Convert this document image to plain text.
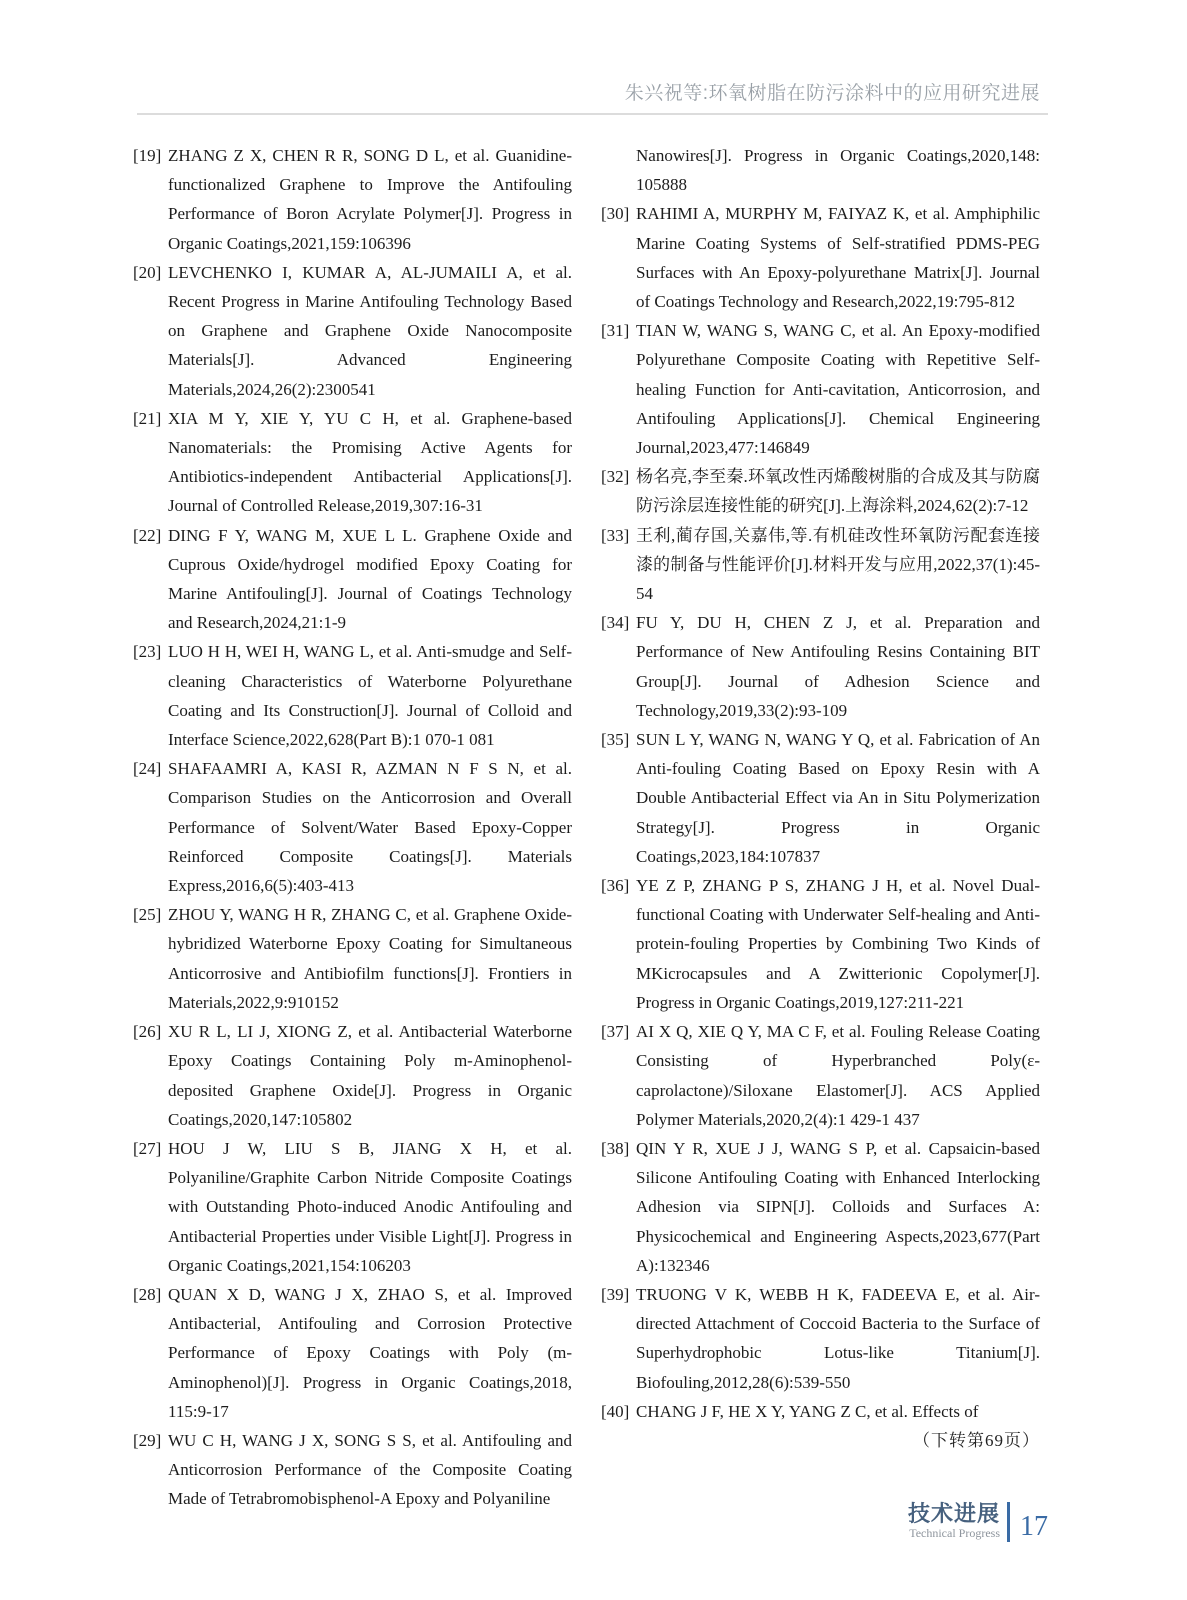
朱兴祝等:环氧树脂在防污涂料中的应用研究进展
[19] ZHANG Z X, CHEN R R, SONG D L, et al. Guanidine-functionalized Graphene to Improve the Antifouling Performance of Boron Acrylate Polymer[J]. Progress in Organic Coatings,2021,159:106396
[20] LEVCHENKO I, KUMAR A, AL-JUMAILI A, et al. Recent Progress in Marine Antifouling Technology Based on Graphene and Graphene Oxide Nanocomposite Materials[J]. Advanced Engineering Materials,2024,26(2):2300541
[21] XIA M Y, XIE Y, YU C H, et al. Graphene-based Nanomaterials: the Promising Active Agents for Antibiotics-independent Antibacterial Applications[J]. Journal of Controlled Release,2019,307:16-31
[22] DING F Y, WANG M, XUE L L. Graphene Oxide and Cuprous Oxide/hydrogel modified Epoxy Coating for Marine Antifouling[J]. Journal of Coatings Technology and Research,2024,21:1-9
[23] LUO H H, WEI H, WANG L, et al. Anti-smudge and Self-cleaning Characteristics of Waterborne Polyurethane Coating and Its Construction[J]. Journal of Colloid and Interface Science,2022,628(Part B):1 070-1 081
[24] SHAFAAMRI A, KASI R, AZMAN N F S N, et al. Comparison Studies on the Anticorrosion and Overall Performance of Solvent/Water Based Epoxy-Copper Reinforced Composite Coatings[J]. Materials Express,2016,6(5):403-413
[25] ZHOU Y, WANG H R, ZHANG C, et al. Graphene Oxide-hybridized Waterborne Epoxy Coating for Simultaneous Anticorrosive and Antibiofilm functions[J]. Frontiers in Materials,2022,9:910152
[26] XU R L, LI J, XIONG Z, et al. Antibacterial Waterborne Epoxy Coatings Containing Poly m-Aminophenol-deposited Graphene Oxide[J]. Progress in Organic Coatings,2020,147:105802
[27] HOU J W, LIU S B, JIANG X H, et al. Polyaniline/Graphite Carbon Nitride Composite Coatings with Outstanding Photo-induced Anodic Antifouling and Antibacterial Properties under Visible Light[J]. Progress in Organic Coatings,2021,154:106203
[28] QUAN X D, WANG J X, ZHAO S, et al. Improved Antibacterial, Antifouling and Corrosion Protective Performance of Epoxy Coatings with Poly (m-Aminophenol)[J]. Progress in Organic Coatings,2018, 115:9-17
[29] WU C H, WANG J X, SONG S S, et al. Antifouling and Anticorrosion Performance of the Composite Coating Made of Tetrabromobisphenol-A Epoxy and Polyaniline
Nanowires[J]. Progress in Organic Coatings,2020,148: 105888
[30] RAHIMI A, MURPHY M, FAIYAZ K, et al. Amphiphilic Marine Coating Systems of Self-stratified PDMS-PEG Surfaces with An Epoxy-polyurethane Matrix[J]. Journal of Coatings Technology and Research,2022,19:795-812
[31] TIAN W, WANG S, WANG C, et al. An Epoxy-modified Polyurethane Composite Coating with Repetitive Self-healing Function for Anti-cavitation, Anticorrosion, and Antifouling Applications[J]. Chemical Engineering Journal,2023,477:146849
[32] 杨名亮,李至秦.环氧改性丙烯酸树脂的合成及其与防腐防污涂层连接性能的研究[J].上海涂料,2024,62(2):7-12
[33] 王利,蔺存国,关嘉伟,等.有机硅改性环氧防污配套连接漆的制备与性能评价[J].材料开发与应用,2022,37(1):45-54
[34] FU Y, DU H, CHEN Z J, et al. Preparation and Performance of New Antifouling Resins Containing BIT Group[J]. Journal of Adhesion Science and Technology,2019,33(2):93-109
[35] SUN L Y, WANG N, WANG Y Q, et al. Fabrication of An Anti-fouling Coating Based on Epoxy Resin with A Double Antibacterial Effect via An in Situ Polymerization Strategy[J]. Progress in Organic Coatings,2023,184:107837
[36] YE Z P, ZHANG P S, ZHANG J H, et al. Novel Dual-functional Coating with Underwater Self-healing and Anti-protein-fouling Properties by Combining Two Kinds of MKicrocapsules and A Zwitterionic Copolymer[J]. Progress in Organic Coatings,2019,127:211-221
[37] AI X Q, XIE Q Y, MA C F, et al. Fouling Release Coating Consisting of Hyperbranched Poly(ε-caprolactone)/Siloxane Elastomer[J]. ACS Applied Polymer Materials,2020,2(4):1 429-1 437
[38] QIN Y R, XUE J J, WANG S P, et al. Capsaicin-based Silicone Antifouling Coating with Enhanced Interlocking Adhesion via SIPN[J]. Colloids and Surfaces A: Physicochemical and Engineering Aspects,2023,677(Part A):132346
[39] TRUONG V K, WEBB H K, FADEEVA E, et al. Air-directed Attachment of Coccoid Bacteria to the Surface of Superhydrophobic Lotus-like Titanium[J]. Biofouling,2012,28(6):539-550
[40] CHANG J F, HE X Y, YANG Z C, et al. Effects of
（下转第69页）
技术进展
Technical Progress 17
